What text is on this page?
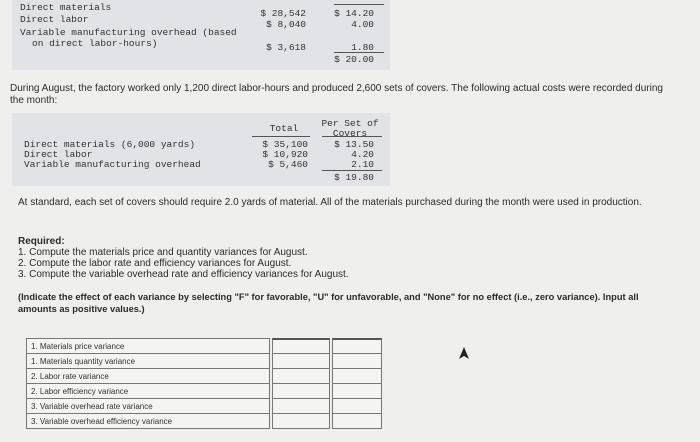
Direct materials
Direct labor
Variable manufacturing overhead (based
on direct labor-hours)
$ 28,542
$ 8,040
$ 3,618
$ 14.20
4.00
1.80
$ 20.00
During August, the factory worked only 1,200 direct labor-hours and produced 2,600 sets of covers. The following actual costs were recorded during the month:
Total	Per Set of
Covers
Direct materials (6,000 yards)
Direct labor
Variable manufacturing overhead
$ 35,100
$ 10,920
$ 5,460
$ 13.50
4.20
2.10
$ 19.80
At standard, each set of covers should require 2.0 yards of material. All of the materials purchased during the month were used in production.
Required:
1. Compute the materials price and quantity variances for August.
2. Compute the labor rate and efficiency variances for August.
3. Compute the variable overhead rate and efficiency variances for August.
(Indicate the effect of each variance by selecting "F" for favorable, "U" for unfavorable, and "None" for no effect (i.e., zero variance). Input all amounts as positive values.)
1. Materials price variance
1. Materials quantity variance
2. Labor rate variance
2. Labor efficiency variance
3. Variable overhead rate variance
3. Variable overhead efficiency variance
